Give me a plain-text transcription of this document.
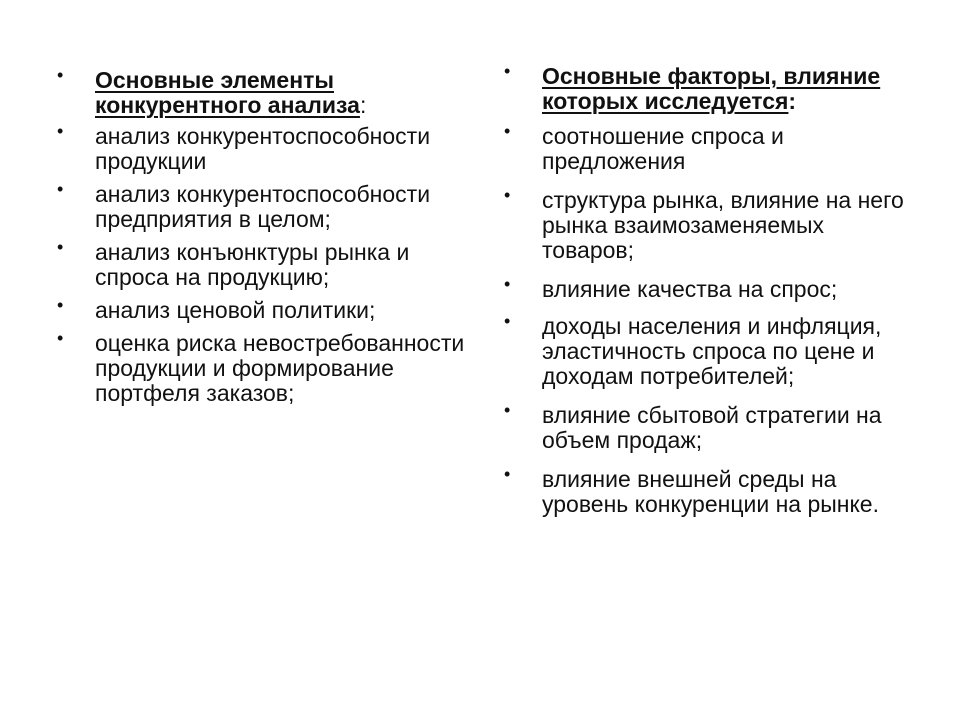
• Основные элементы конкурентного анализа:
• анализ конкурентоспособности продукции
• анализ конкурентоспособности предприятия в целом;
• анализ конъюнктуры рынка и спроса на продукцию;
• анализ ценовой политики;
• оценка риска невостребованности продукции и формирование портфеля заказов;
• Основные факторы, влияние которых исследуется:
• соотношение спроса и предложения
• структура рынка, влияние на него рынка взаимозаменяемых товаров;
• влияние качества на спрос;
• доходы населения и инфляция, эластичность спроса по цене и доходам потребителей;
• влияние сбытовой стратегии на объем продаж;
• влияние внешней среды на уровень конкуренции на рынке.
